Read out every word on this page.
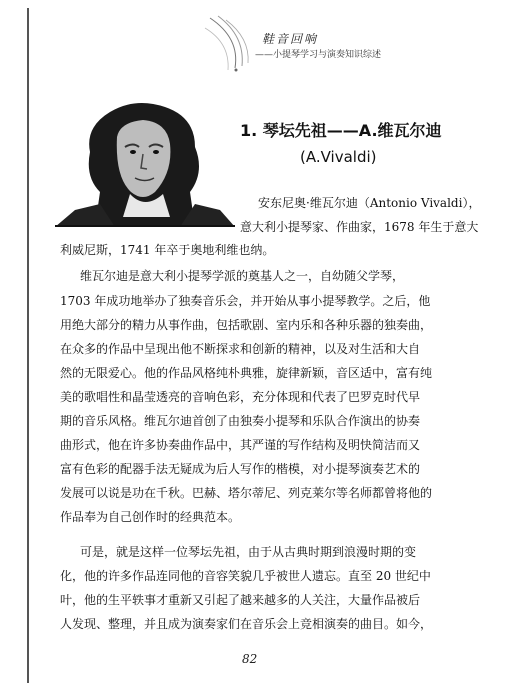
鞋音回响
——小提琴学习与演奏知识综述
1. 琴坛先祖——A.维瓦尔迪
(A.Vivaldi)
安东尼奥·维瓦尔迪（Antonio Vivaldi），
意大利小提琴家、作曲家，1678 年生于意大
利威尼斯，1741 年卒于奥地利维也纳。
维瓦尔迪是意大利小提琴学派的奠基人之一，自幼随父学琴，
1703 年成功地举办了独奏音乐会，并开始从事小提琴教学。之后，他
用绝大部分的精力从事作曲，包括歌剧、室内乐和各种乐器的独奏曲，
在众多的作品中呈现出他不断探求和创新的精神，以及对生活和大自
然的无限爱心。他的作品风格纯朴典雅，旋律新颖，音区适中，富有纯
美的歌唱性和晶莹透亮的音响色彩，充分体现和代表了巴罗克时代早
期的音乐风格。维瓦尔迪首创了由独奏小提琴和乐队合作演出的协奏
曲形式，他在许多协奏曲作品中，其严谨的写作结构及明快简洁而又
富有色彩的配器手法无疑成为后人写作的楷模，对小提琴演奏艺术的
发展可以说是功在千秋。巴赫、塔尔蒂尼、列克莱尔等名师都曾将他的
作品奉为自己创作时的经典范本。
可是，就是这样一位琴坛先祖，由于从古典时期到浪漫时期的变
化，他的许多作品连同他的音容笑貌几乎被世人遗忘。直至 20 世纪中
叶，他的生平轶事才重新又引起了越来越多的人关注，大量作品被后
人发现、整理，并且成为演奏家们在音乐会上竞相演奏的曲目。如今，
82
